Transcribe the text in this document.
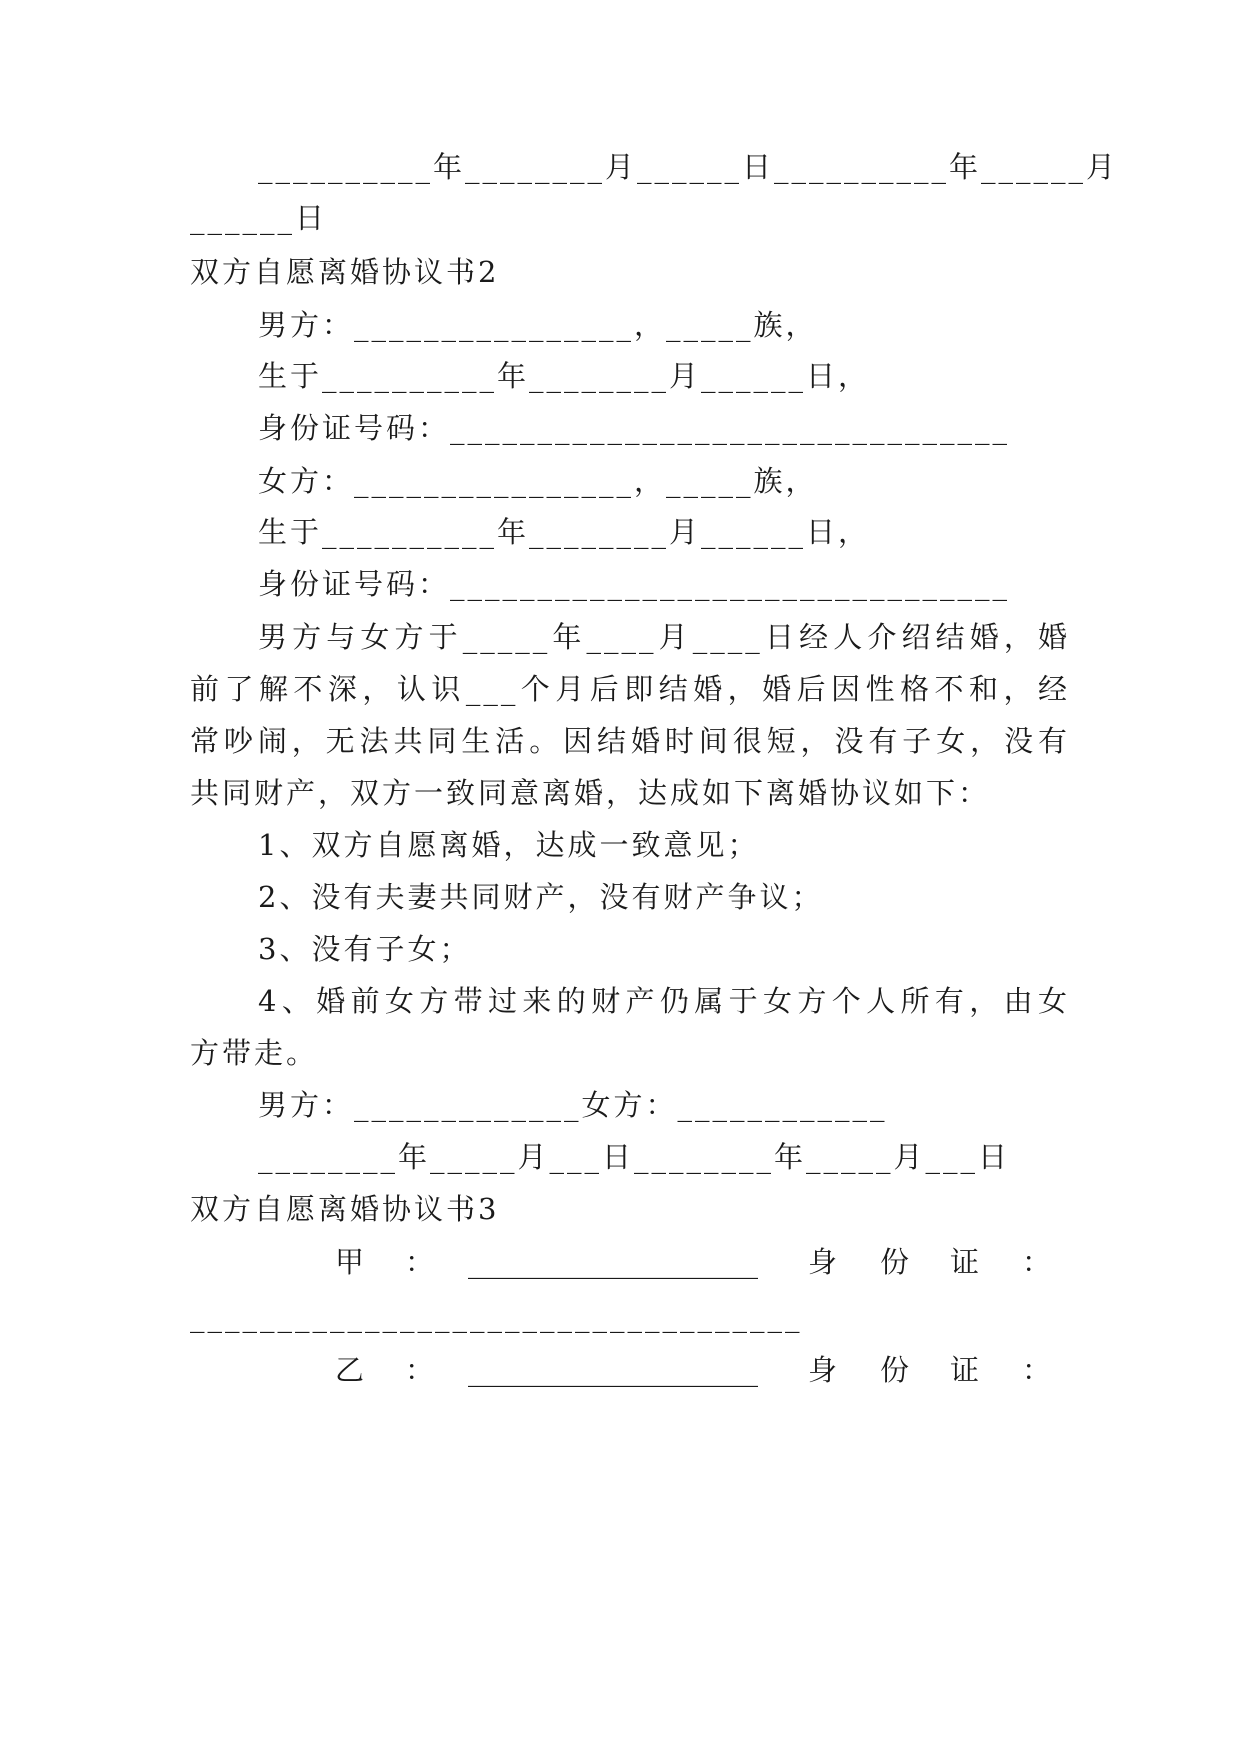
__________年________月______日__________年______月
______日
双方自愿离婚协议书2
男方：________________，_____族，
生于__________年________月______日，
身份证号码：________________________________
女方：________________，_____族，
生于__________年________月______日，
身份证号码：________________________________
男方与女方于_____年____月____日经人介绍结婚，婚
前了解不深，认识___个月后即结婚，婚后因性格不和，经
常吵闹，无法共同生活。因结婚时间很短，没有子女，没有
共同财产，双方一致同意离婚，达成如下离婚协议如下：
1、双方自愿离婚，达成一致意见；
2、没有夫妻共同财产，没有财产争议；
3、没有子女；
4、婚前女方带过来的财产仍属于女方个人所有，由女
方带走。
男方：_____________女方：____________
________年_____月___日________年_____月___日
双方自愿离婚协议书3
甲 ： ____________________ 身 份 证 ：
___________________________________
乙 ： ____________________ 身 份 证 ：
